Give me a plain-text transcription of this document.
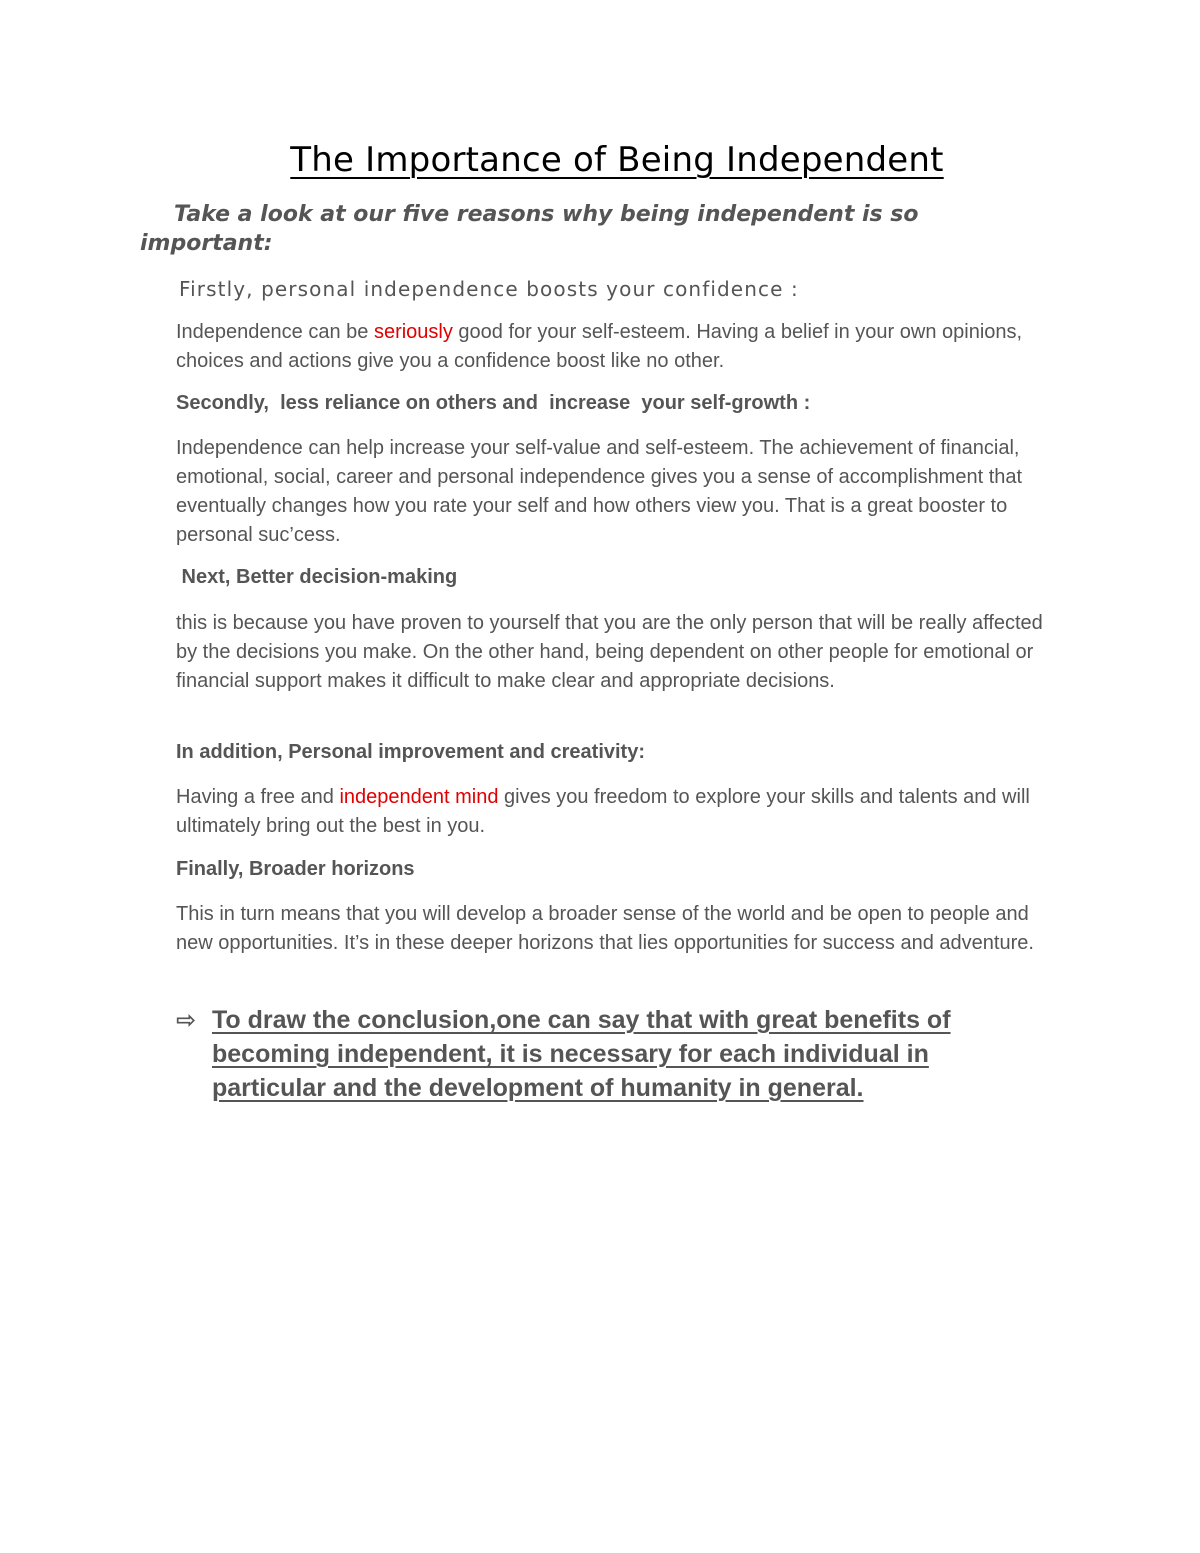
The Importance of Being Independent

Take a look at our five reasons why being independent is so important:

Firstly, personal independence boosts your confidence :

Independence can be seriously good for your self-esteem. Having a belief in your own opinions, choices and actions give you a confidence boost like no other.

Secondly,  less reliance on others and  increase  your self-growth :

Independence can help increase your self-value and self-esteem. The achievement of financial, emotional, social, career and personal independence gives you a sense of accomplishment that eventually changes how you rate your self and how others view you. That is a great booster to personal suc’cess.

Next, Better decision-making

this is because you have proven to yourself that you are the only person that will be really affected by the decisions you make. On the other hand, being dependent on other people for emotional or financial support makes it difficult to make clear and appropriate decisions.

In addition, Personal improvement and creativity:

Having a free and independent mind gives you freedom to explore your skills and talents and will ultimately bring out the best in you.

Finally, Broader horizons

This in turn means that you will develop a broader sense of the world and be open to people and new opportunities. It’s in these deeper horizons that lies opportunities for success and adventure.

⇨ To draw the conclusion,one can say that with great benefits of becoming independent, it is necessary for each individual in particular and the development of humanity in general.
